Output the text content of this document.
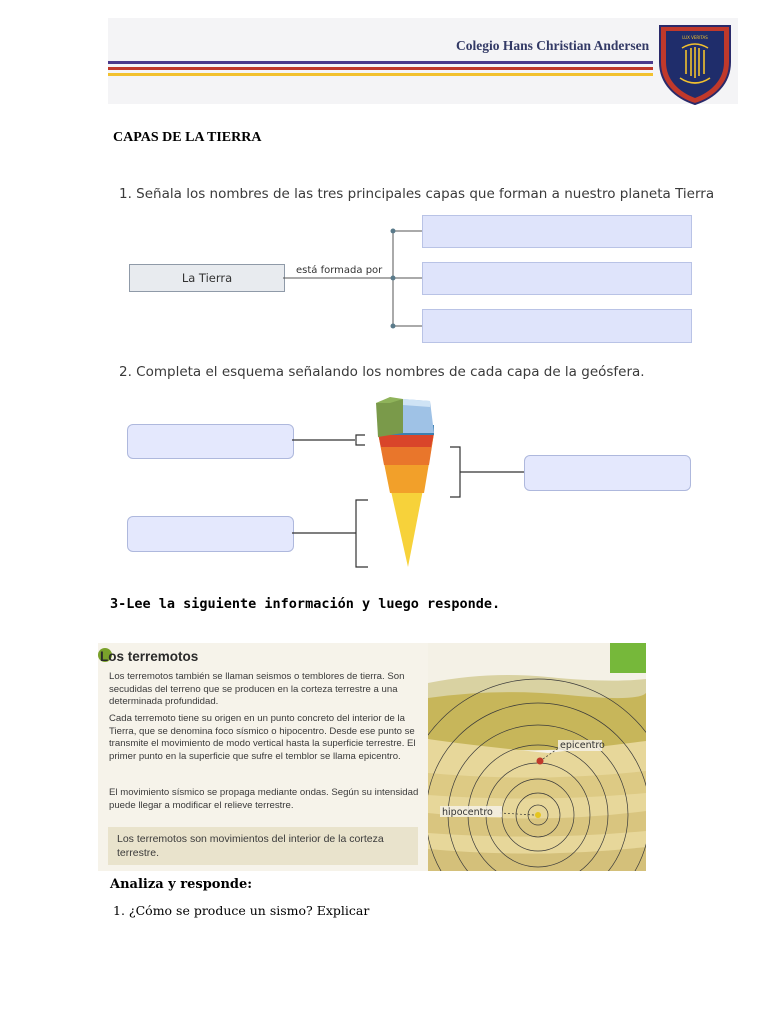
Colegio Hans Christian Andersen
LUX VERITAS
CAPAS DE LA TIERRA
1. Señala los nombres de las tres principales capas que forman a nuestro planeta Tierra
La Tierra
está formada por
2. Completa el esquema señalando los nombres de cada capa de la geósfera.
3-Lee la siguiente información y luego responde.
Los terremotos
Los terremotos también se llaman seismos o temblores de tierra. Son secudidas del terreno que se producen en la corteza terrestre a una determinada profundidad.
Cada terremoto tiene su origen en un punto concreto del interior de la Tierra, que se denomina foco sísmico o hipocentro. Desde ese punto se transmite el movimiento de modo vertical hasta la superficie terrestre. El primer punto en la superficie que sufre el temblor se llama epicentro.
El movimiento sísmico se propaga mediante ondas. Según su intensidad puede llegar a modificar el relieve terrestre.
Los terremotos son movimientos del interior de la corteza terrestre.
epicentro
hipocentro
Analiza y responde:
1. ¿Cómo se produce un sismo? Explicar
